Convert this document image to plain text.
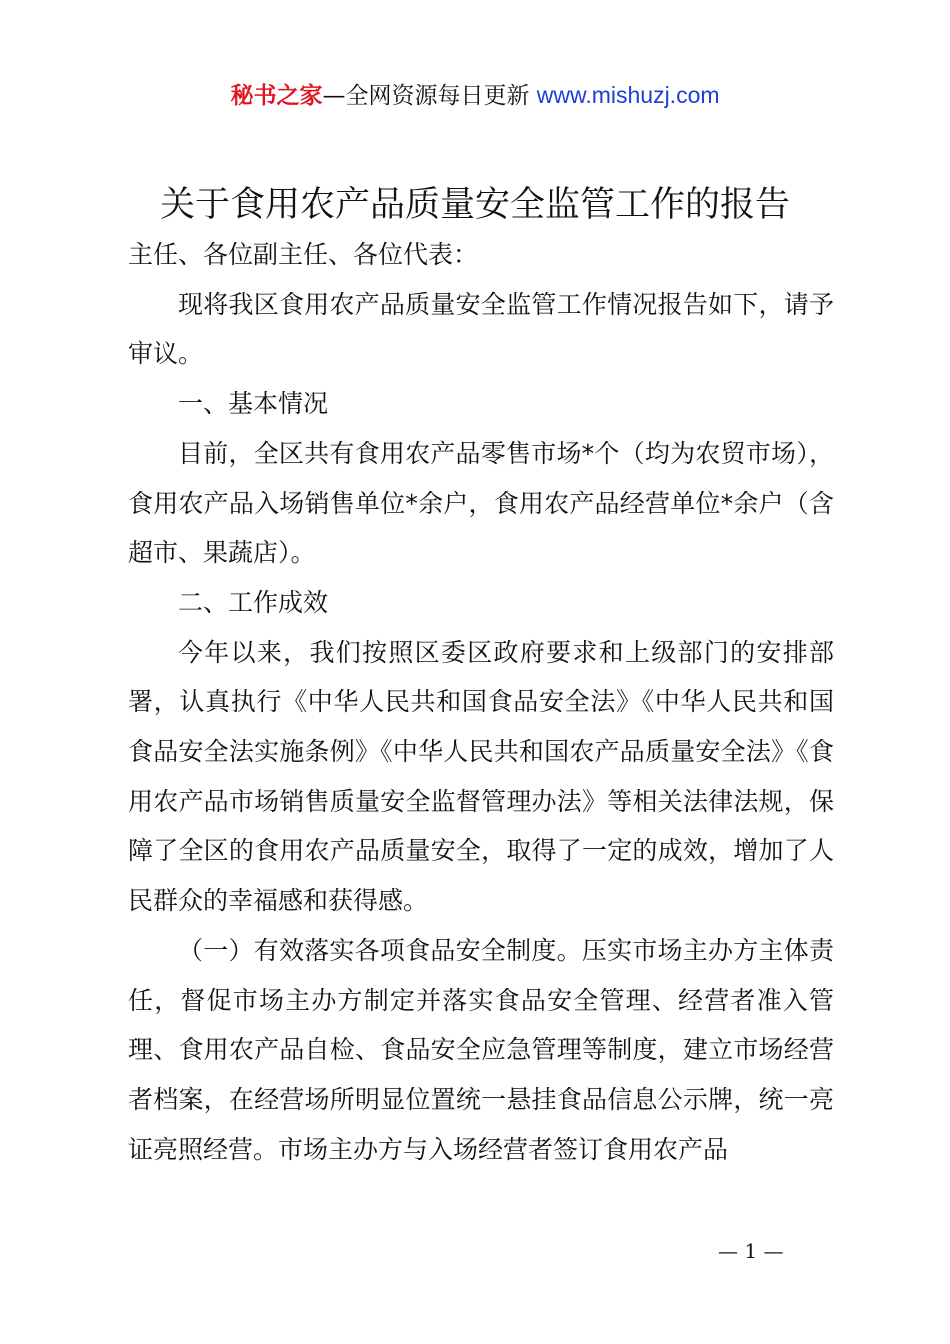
秘书之家—全网资源每日更新 www.mishuzj.com
关于食用农产品质量安全监管工作的报告

主任、各位副主任、各位代表：

现将我区食用农产品质量安全监管工作情况报告如下，请予审议。

一、基本情况

目前，全区共有食用农产品零售市场*个（均为农贸市场），食用农产品入场销售单位*余户，食用农产品经营单位*余户（含超市、果蔬店）。

二、工作成效

今年以来，我们按照区委区政府要求和上级部门的安排部署，认真执行《中华人民共和国食品安全法》《中华人民共和国食品安全法实施条例》《中华人民共和国农产品质量安全法》《食用农产品市场销售质量安全监督管理办法》等相关法律法规，保障了全区的食用农产品质量安全，取得了一定的成效，增加了人民群众的幸福感和获得感。

（一）有效落实各项食品安全制度。压实市场主办方主体责任，督促市场主办方制定并落实食品安全管理、经营者准入管理、食用农产品自检、食品安全应急管理等制度，建立市场经营者档案，在经营场所明显位置统一悬挂食品信息公示牌，统一亮证亮照经营。市场主办方与入场经营者签订食用农产品

— 1 —
